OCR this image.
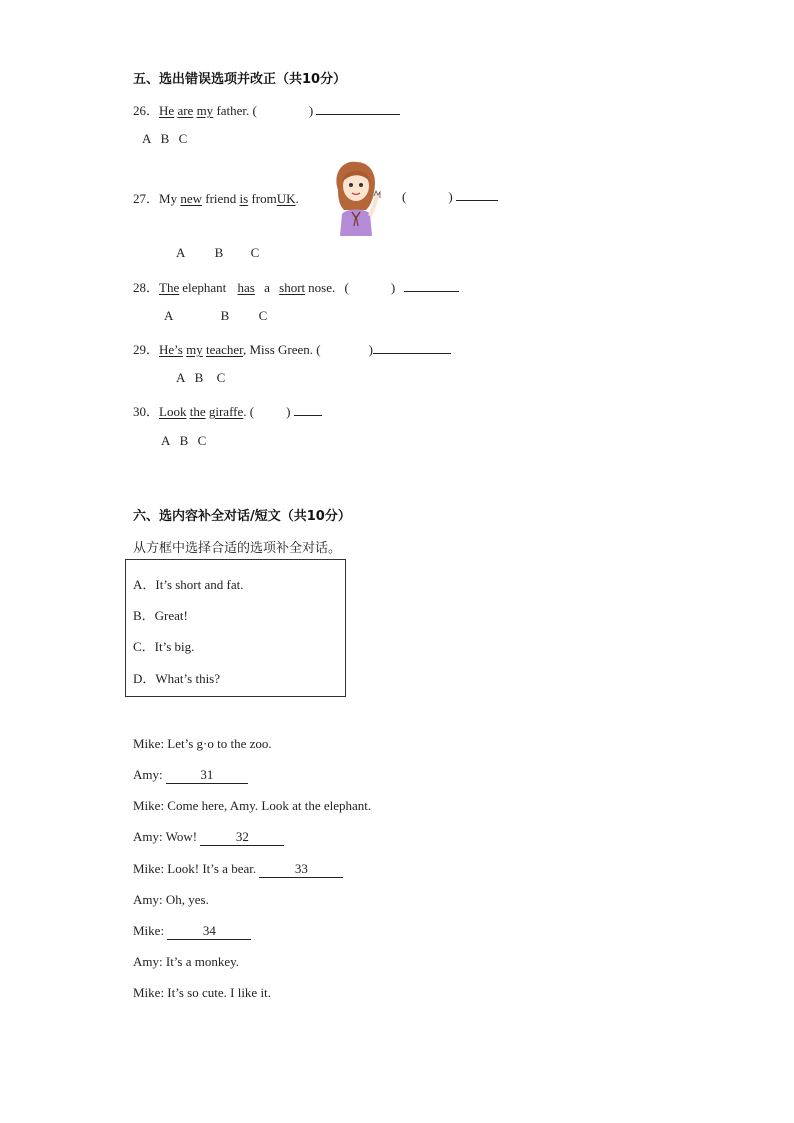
五、选出错误选项并改正（共10分）
26．He are my father. (	)
A B C
27．My new friend is fromUK.	(	)
A B C
28．The elephant has a short nose. (	)
A	B C
29．He’s my teacher, Miss Green. (	)
A B C
30．Look the giraffe. ( )
A B C
六、选内容补全对话/短文（共10分）
从方框中选择合适的选项补全对话。
A．It’s short and fat.
B．Great!
C．It’s big.
D．What’s this?
Mike: Let’s g·o to the zoo.
Amy:	31
Mike: Come here, Amy. Look at the elephant.
Amy: Wow!	32
Mike: Look! It’s a bear.	33
Amy: Oh, yes.
Mike:	34
Amy: It’s a monkey.
Mike: It’s so cute. I like it.
